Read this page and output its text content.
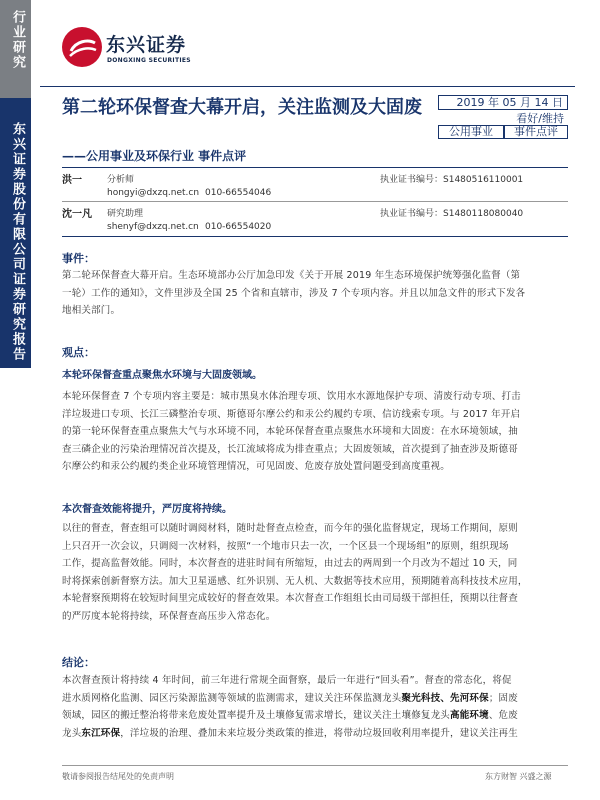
行业研究
东兴证券股份有限公司证券研究报告
东兴证券
DONGXING SECURITIES
第二轮环保督查大幕开启，关注监测及大固废
——公用事业及环保行业 事件点评
2019 年 05 月 14 日
看好/维持
公用事业	事件点评
洪一	分析师	执业证书编号：S1480516110001
hongyi@dxzq.net.cn 010-66554046
沈一凡 研究助理	执业证书编号：S1480118080040
shenyf@dxzq.net.cn 010-66554020
事件：
第二轮环保督查大幕开启。生态环境部办公厅加急印发《关于开展 2019 年生态环境保护统筹强化监督（第
一轮）工作的通知》，文件里涉及全国 25 个省和直辖市，涉及 7 个专项内容。并且以加急文件的形式下发各
地相关部门。
观点：
本轮环保督查重点聚焦水环境与大固废领域。
本轮环保督查 7 个专项内容主要是：城市黑臭水体治理专项、饮用水水源地保护专项、清废行动专项、打击
洋垃圾进口专项、长江三磷整治专项、斯德哥尔摩公约和汞公约履约专项、信访线索专项。与 2017 年开启
的第一轮环保督查重点聚焦大气与水环境不同，本轮环保督查重点聚焦水环境和大固废：在水环境领域，抽
查三磷企业的污染治理情况首次提及，长江流域将成为排查重点；大固废领域，首次提到了抽查涉及斯德哥
尔摩公约和汞公约履约类企业环境管理情况，可见固废、危废存放处置问题受到高度重视。
本次督查效能将提升，严厉度将持续。
以往的督查，督查组可以随时调阅材料，随时赴督查点检查，而今年的强化监督规定，现场工作期间，原则
上只召开一次会议，只调阅一次材料，按照“一个地市只去一次，一个区县一个现场组”的原则，组织现场
工作，提高监督效能。同时，本次督查的进驻时间有所缩短，由过去的两周到一个月改为不超过 10 天，同
时将探索创新督察方法。加大卫星遥感、红外识别、无人机、大数据等技术应用，预期随着高科技技术应用，
本轮督察预期将在较短时间里完成较好的督查效果。本次督查工作组组长由司局级干部担任，预期以往督查
的严厉度本轮将持续，环保督查高压步入常态化。
结论：
本次督查预计将持续 4 年时间，前三年进行常规全面督察，最后一年进行“回头看”。督查的常态化，将促
进水质网格化监测、园区污染源监测等领域的监测需求，建议关注环保监测龙头聚光科技、先河环保；固废
领域，园区的搬迁整治将带来危废处置率提升及土壤修复需求增长，建议关注土壤修复龙头高能环境、危废
龙头东江环保，洋垃圾的治理、叠加未来垃圾分类政策的推进，将带动垃圾回收利用率提升，建议关注再生
敬请参阅报告结尾处的免责声明	东方财智 兴盛之源
